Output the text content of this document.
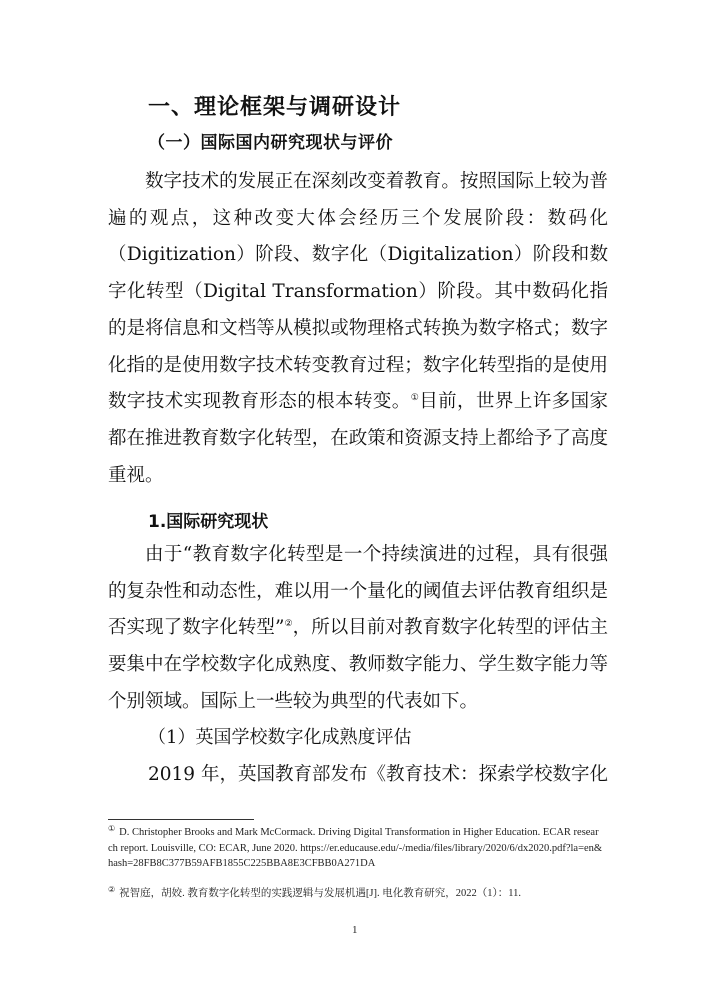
一、理论框架与调研设计
（一）国际国内研究现状与评价

数字技术的发展正在深刻改变着教育。按照国际上较为普遍的观点，这种改变大体会经历三个发展阶段：数码化（Digitization）阶段、数字化（Digitalization）阶段和数字化转型（Digital Transformation）阶段。其中数码化指的是将信息和文档等从模拟或物理格式转换为数字格式；数字化指的是使用数字技术转变教育过程；数字化转型指的是使用数字技术实现教育形态的根本转变。①目前，世界上许多国家都在推进教育数字化转型，在政策和资源支持上都给予了高度重视。

1.国际研究现状

由于“教育数字化转型是一个持续演进的过程，具有很强的复杂性和动态性，难以用一个量化的阈值去评估教育组织是否实现了数字化转型”②，所以目前对教育数字化转型的评估主要集中在学校数字化成熟度、教师数字能力、学生数字能力等个别领域。国际上一些较为典型的代表如下。

（1）英国学校数字化成熟度评估
2019 年，英国教育部发布《教育技术：探索学校数字化

① D. Christopher Brooks and Mark McCormack. Driving Digital Transformation in Higher Education. ECAR research report. Louisville, CO: ECAR, June 2020. https://er.educause.edu/-/media/files/library/2020/6/dx2020.pdf?la=en&hash=28FB8C377B59AFB1855C225BBA8E3CFBB0A271DA

② 祝智庭，胡姣. 教育数字化转型的实践逻辑与发展机遇[J]. 电化教育研究，2022（1）：11.

1
